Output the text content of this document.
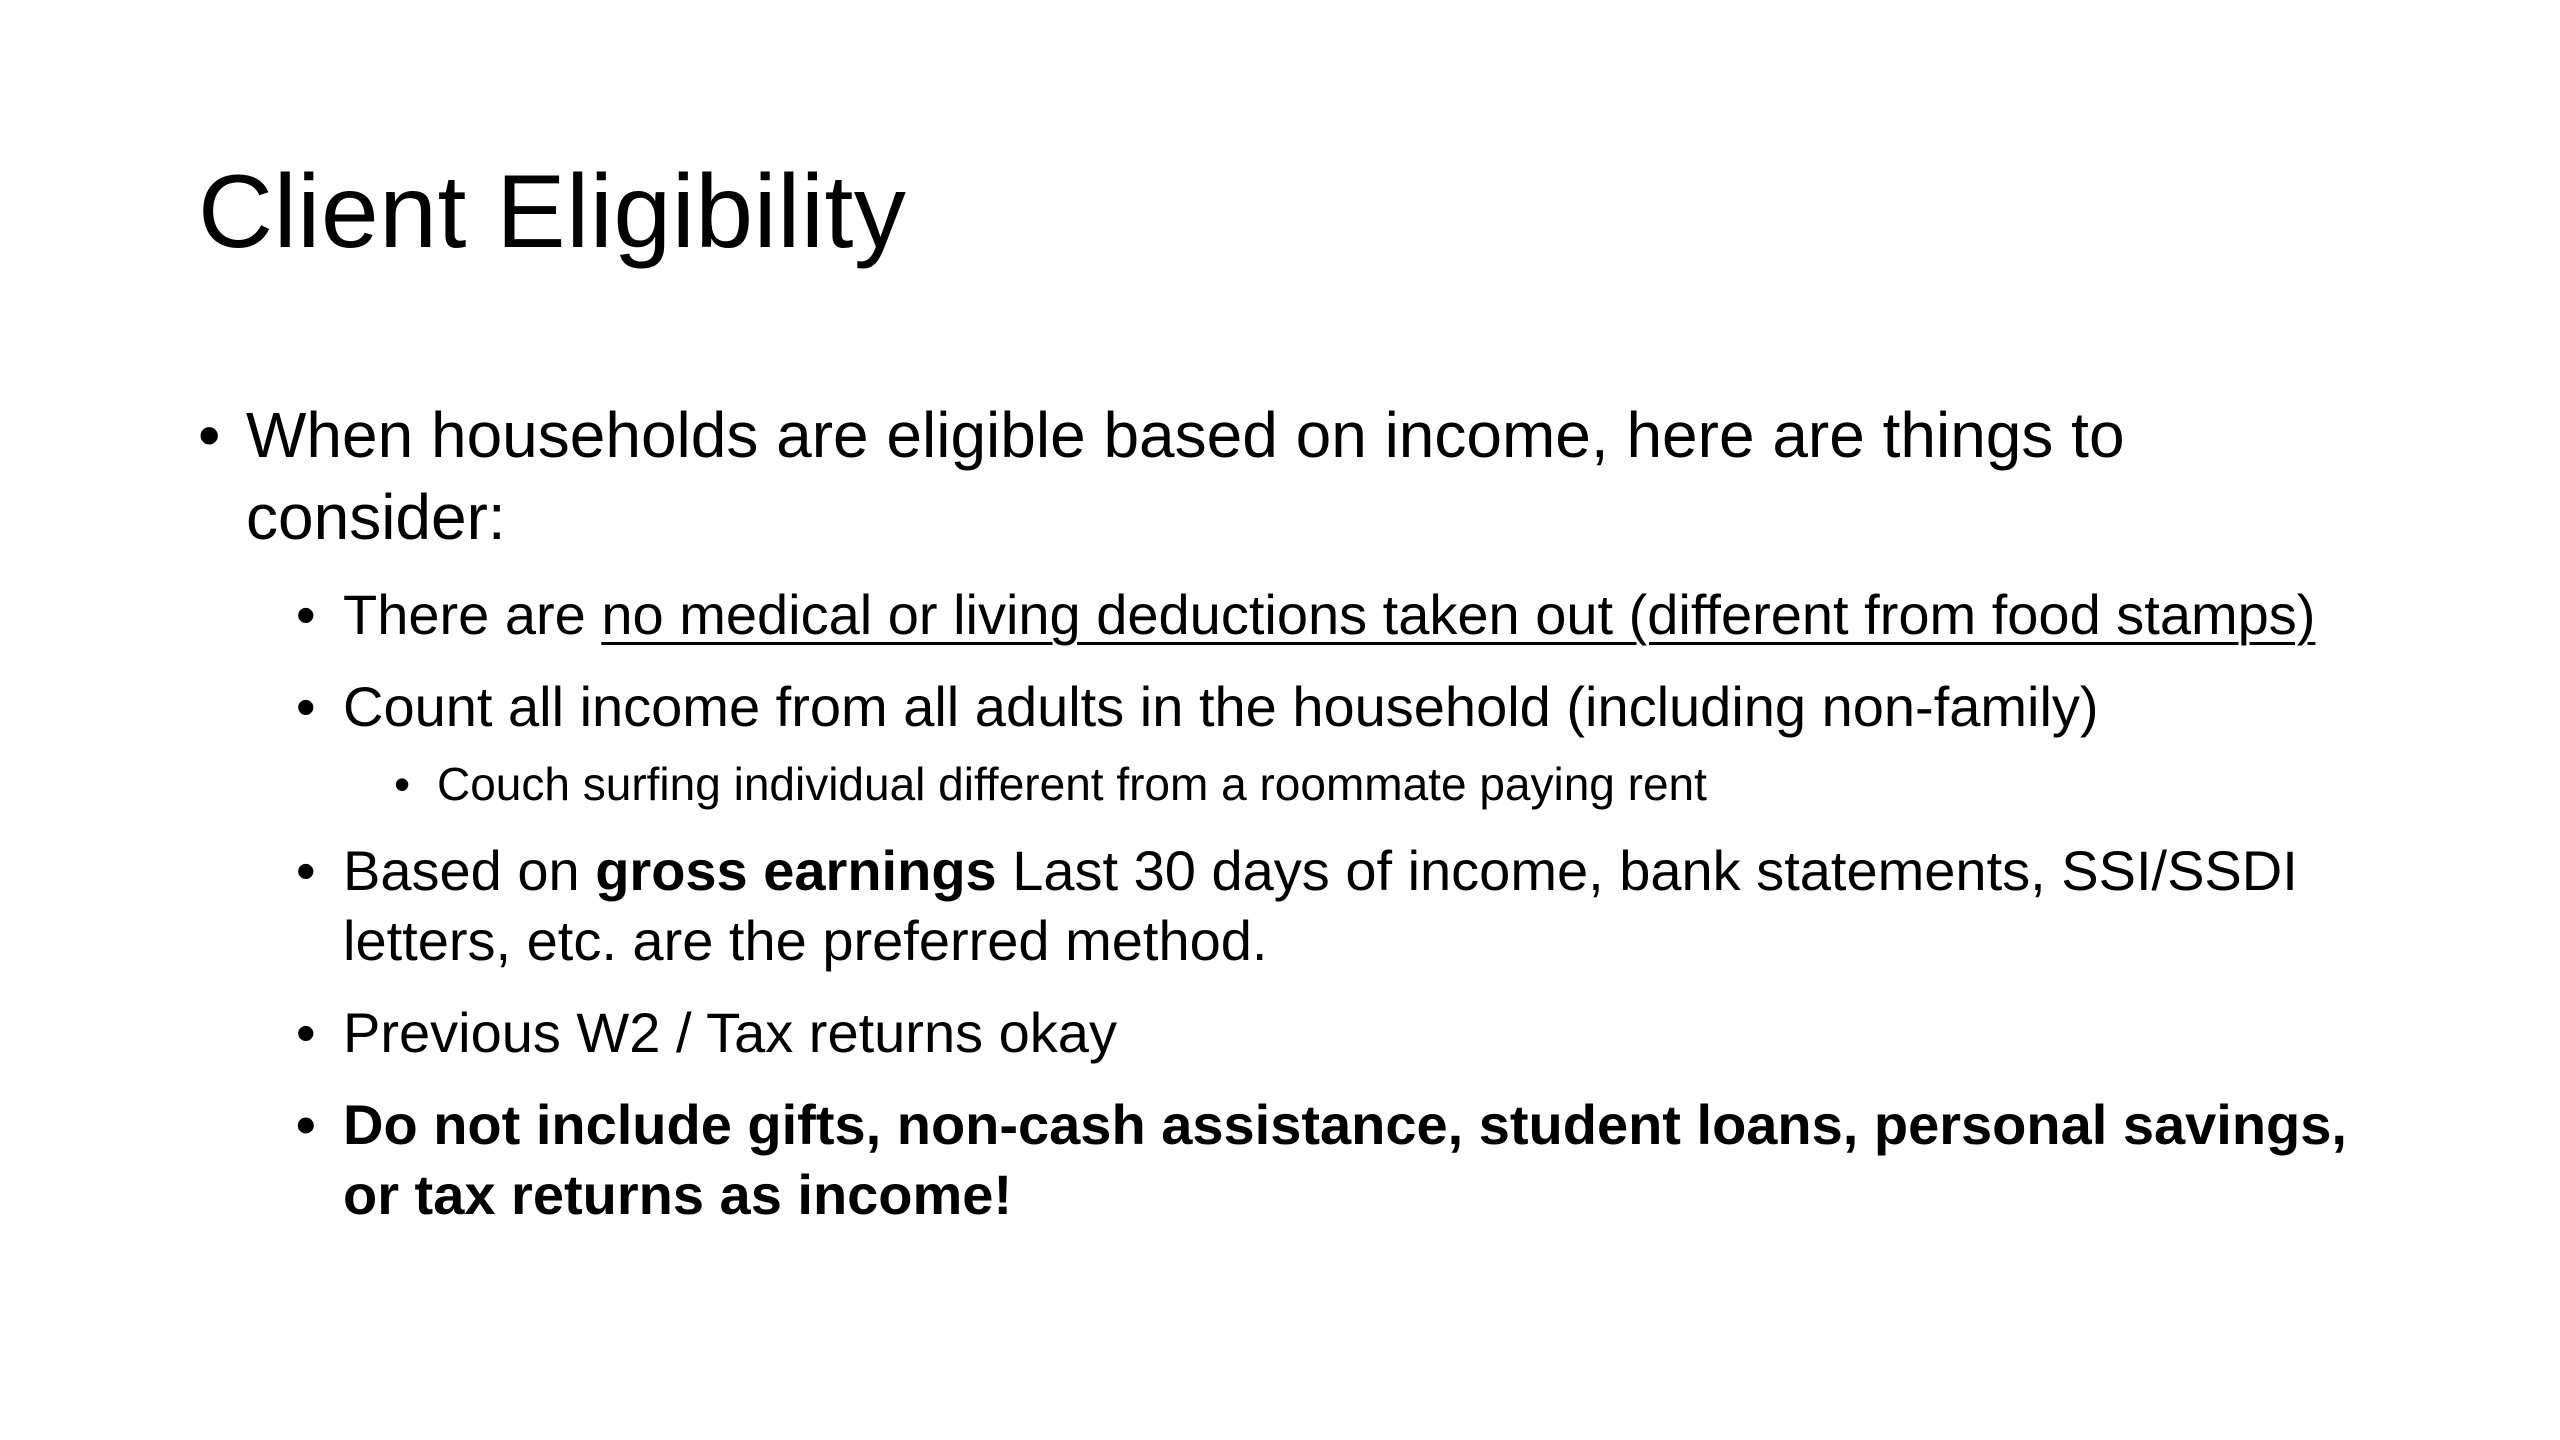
Client Eligibility
• When households are eligible based on income, here are things to consider:
• There are no medical or living deductions taken out (different from food stamps)
• Count all income from all adults in the household (including non-family)
• Couch surfing individual different from a roommate paying rent
• Based on gross earnings Last 30 days of income, bank statements, SSI/SSDI letters, etc. are the preferred method.
• Previous W2 / Tax returns okay
• Do not include gifts, non-cash assistance, student loans, personal savings, or tax returns as income!
